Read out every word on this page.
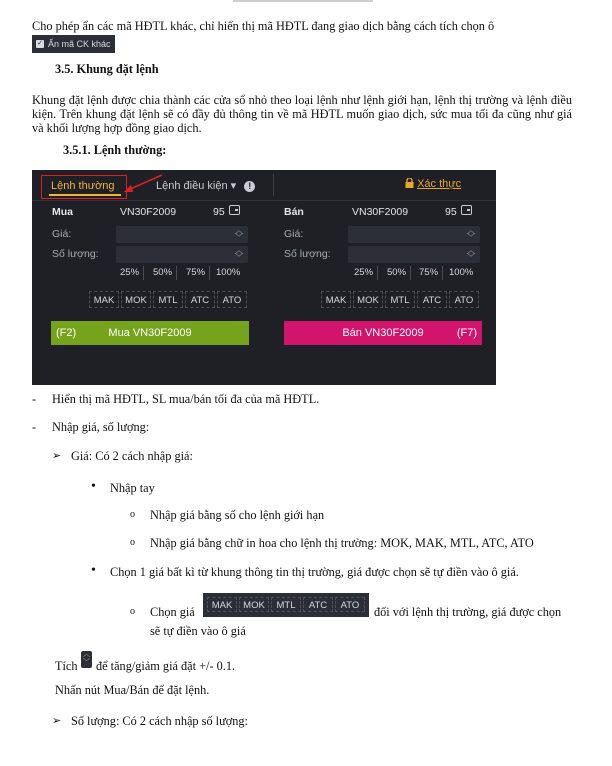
Cho phép ẩn các mã HĐTL khác, chỉ hiển thị mã HĐTL đang giao dịch bằng cách tích chọn ô

✓ Ẩn mã CK khác
3.5. Khung đặt lệnh
Khung đặt lệnh được chia thành các cửa sổ nhỏ theo loại lệnh như lệnh giới hạn, lệnh thị trường và lệnh điều kiện. Trên khung đặt lệnh sẽ có đầy đủ thông tin về mã HĐTL muốn giao dịch, sức mua tối đa cũng như giá và khối lượng hợp đồng giao dịch.
3.5.1. Lệnh thường:
Lệnh thường	Lệnh điều kiện ▾ !	Xác thực
Mua	VN30F2009	95
Giá:	︿
﹀
Số lượng:	︿
﹀
25%	50%	75%	100%
MAK	MOK	MTL	ATC	ATO
(F2)	Mua VN30F2009
Bán	VN30F2009	95
Giá:	︿
﹀
Số lượng:	︿
﹀
25%	50%	75%	100%
MAK	MOK	MTL	ATC	ATO
Bán VN30F2009	(F7)
- Hiển thị mã HĐTL, SL mua/bán tối đa của mã HĐTL.
- Nhập giá, số lượng:
➢ Giá: Có 2 cách nhập giá:
• Nhập tay
o Nhập giá bằng số cho lệnh giới hạn
o Nhập giá bằng chữ in hoa cho lệnh thị trường: MOK, MAK, MTL, ATC, ATO
• Chọn 1 giá bất kì từ khung thông tin thị trường, giá được chọn sẽ tự điền vào ô giá.
o Chọn giá	MAK	MOK	MTL	ATC	ATO	đối với lệnh thị trường, giá được chọn
sẽ tự điền vào ô giá
Tích
︿
﹀ để tăng/giảm giá đặt +/- 0.1.
Nhấn nút Mua/Bán để đặt lệnh.
➢ Số lượng: Có 2 cách nhập số lượng:
